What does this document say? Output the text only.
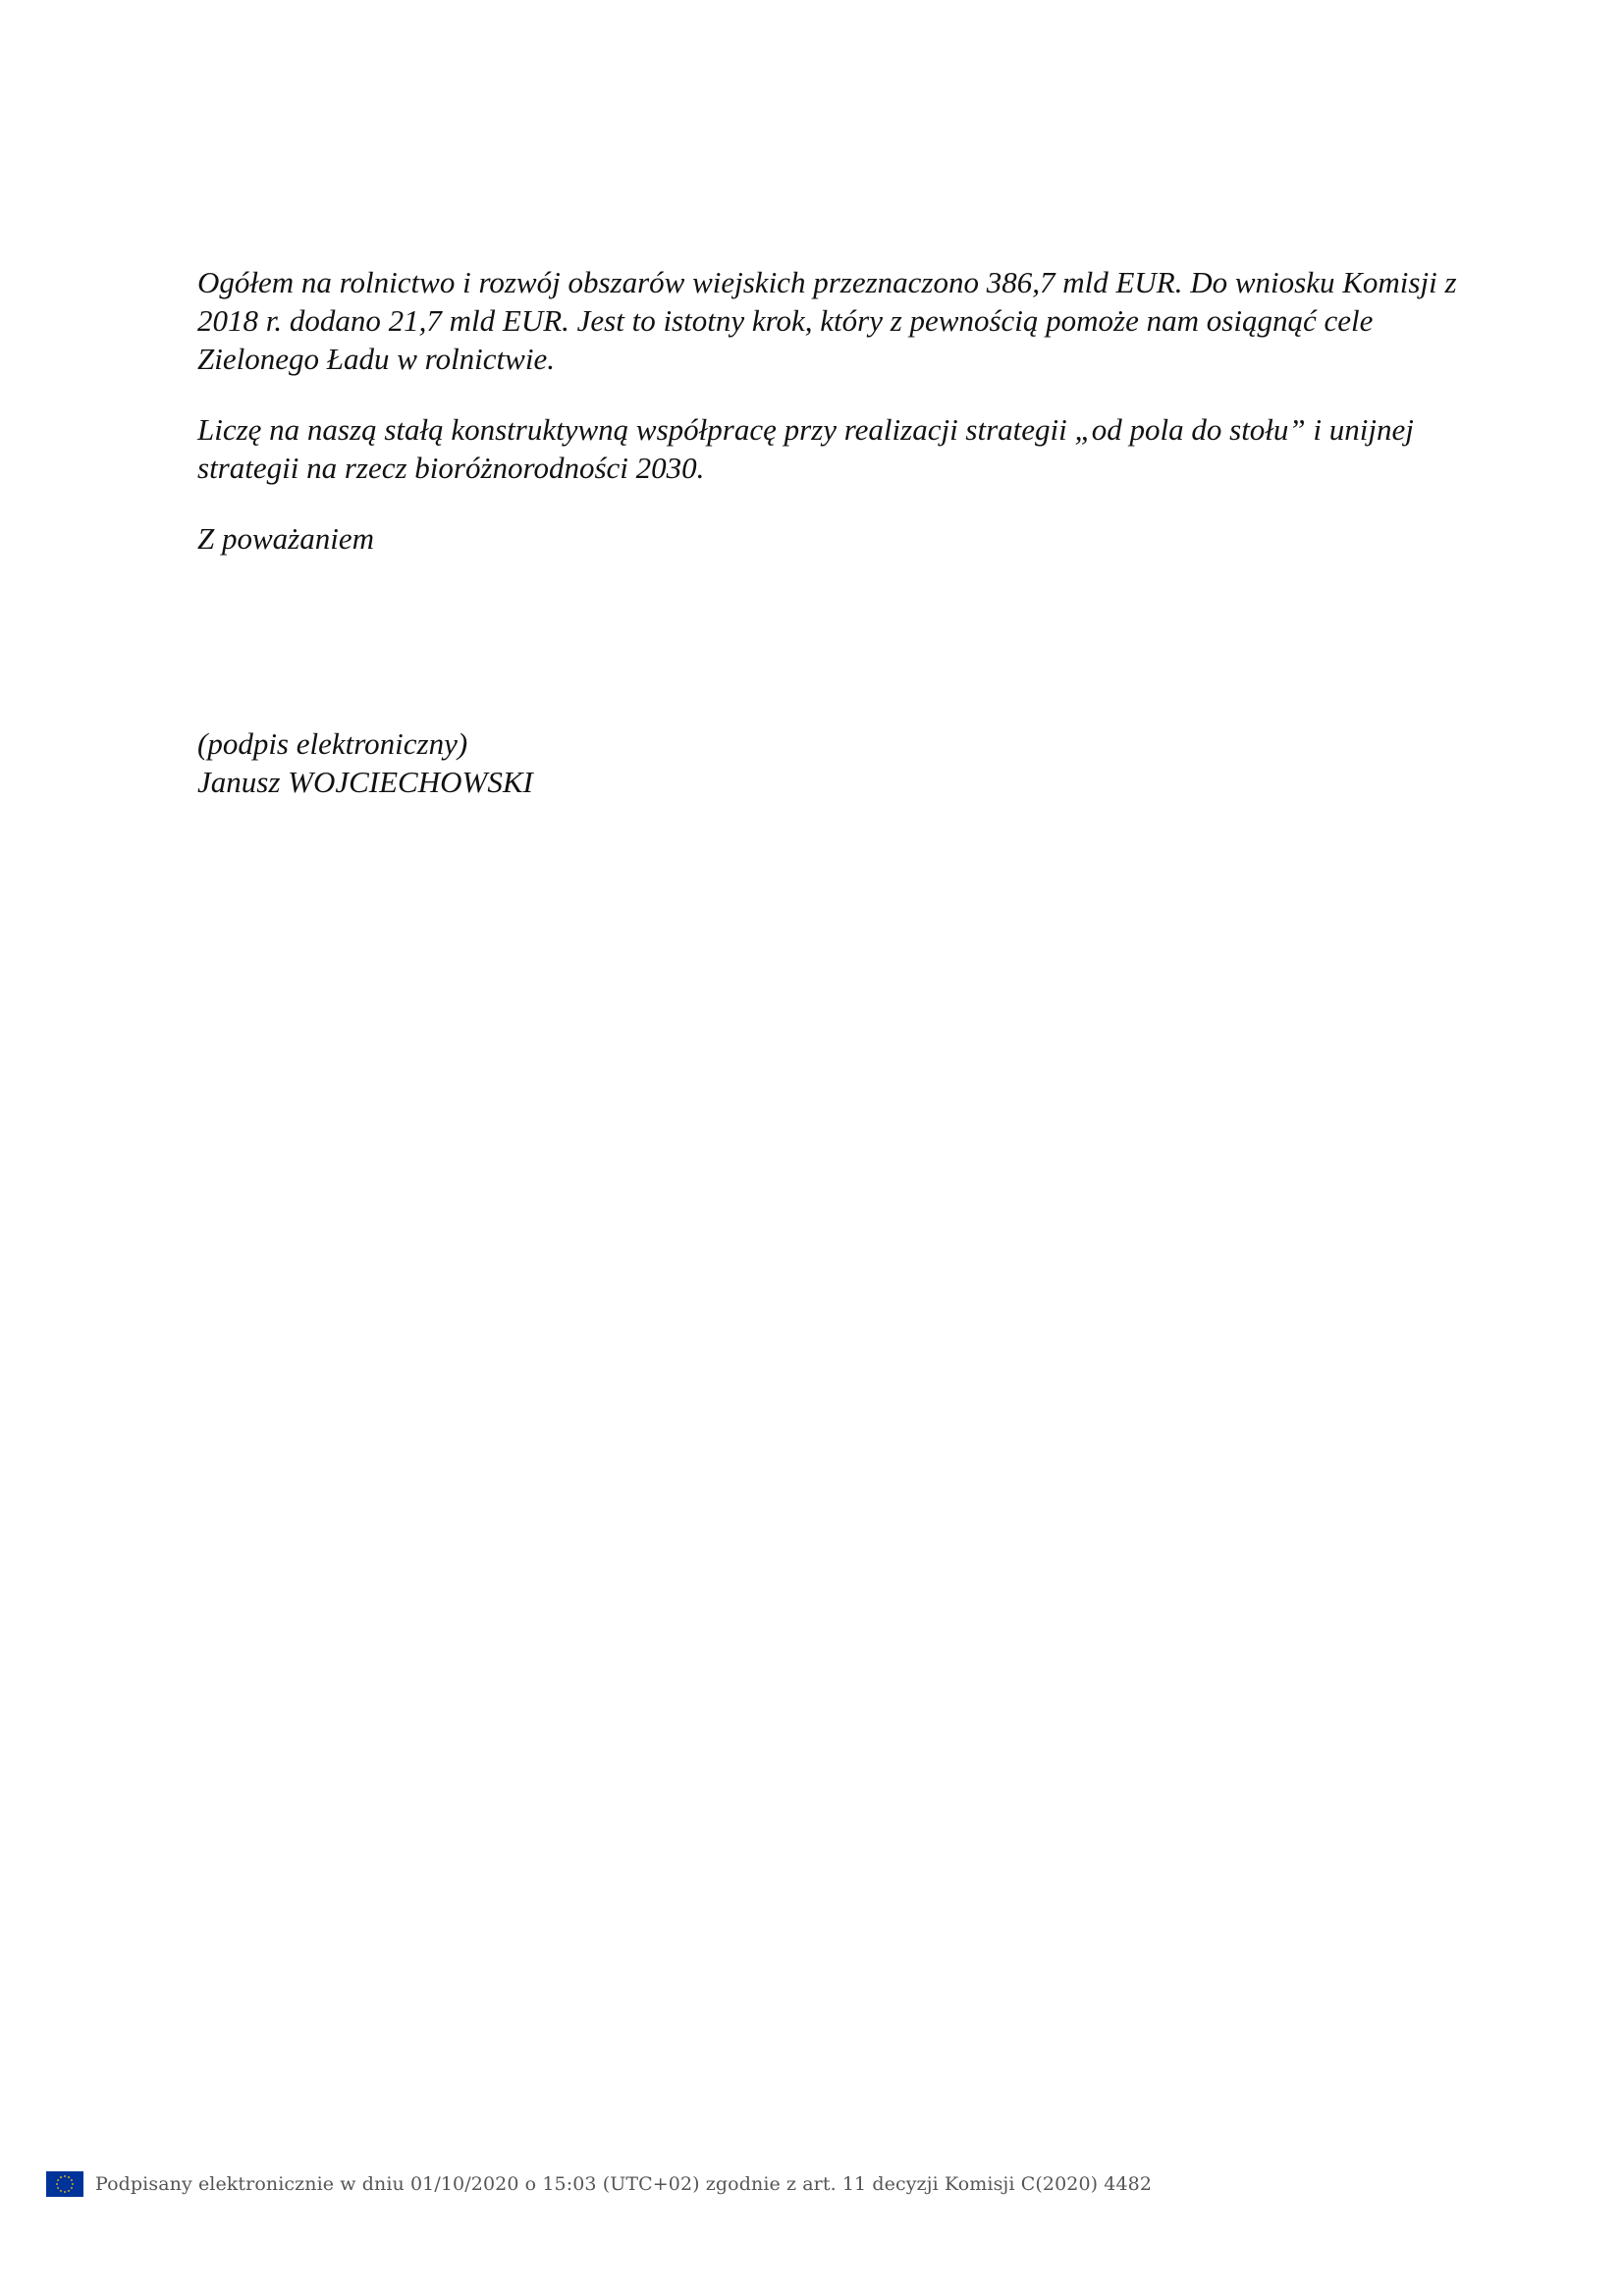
Ogółem na rolnictwo i rozwój obszarów wiejskich przeznaczono 386,7 mld EUR. Do wniosku Komisji z 2018 r. dodano 21,7 mld EUR. Jest to istotny krok, który z pewnością pomoże nam osiągnąć cele Zielonego Ładu w rolnictwie.

Liczę na naszą stałą konstruktywną współpracę przy realizacji strategii „od pola do stołu” i unijnej strategii na rzecz bioróżnorodności 2030.

Z poważaniem

(podpis elektroniczny)
Janusz WOJCIECHOWSKI
Podpisany elektronicznie w dniu 01/10/2020 o 15:03 (UTC+02) zgodnie z art. 11 decyzji Komisji C(2020) 4482
